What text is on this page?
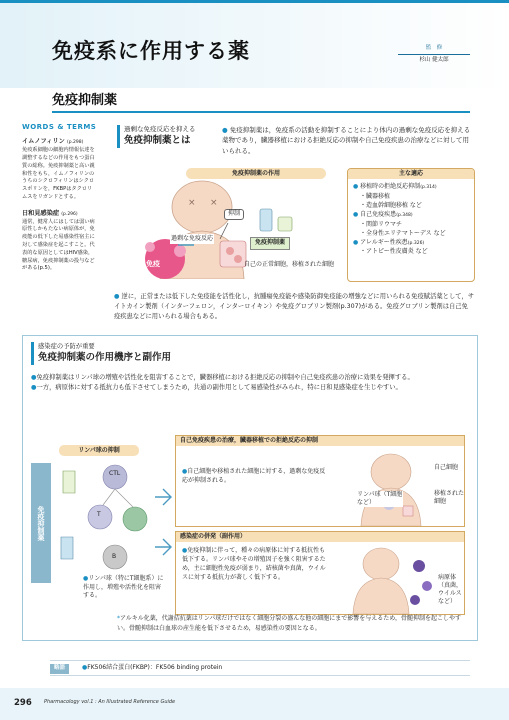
免疫系に作用する薬	監　修
杉山 健太郎
免疫抑制薬
WORDS & TERMS
イムノフィリン (p.298)
免疫系細胞の細胞内情報伝達を調整するなどの作用をもつ蛋白質の総称。免疫抑制薬と高い親和性をもち，イムノフィリンのうちのシクロフィリンはシクロスポリンを，FKBPはタクロリムスをリガンドとする。
日和見感染症 (p.296)
通常，健常人にはしては弱い病原性しかもたない病原体が，免疫能の低下した易感染性宿主に対して感染症を起こすこと。代表的な原因としてはHIV感染，糖尿病，免疫抑制薬の投与などがある(p.5)。
過剰な免疫反応を抑える
免疫抑制薬とは
● 免疫抑制薬は，免疫系の活動を抑制することにより体内の過剰な免疫反応を抑える薬物であり，臓器移植における拒絶反応の抑制や自己免疫疾患の治療などに対して用いられる。
免疫抑制薬の作用
× ×
抑制
免疫抑制薬
過剰な免疫反応
免疫	自己の正常細胞，移植された細胞
主な適応
● 移植時の拒絶反応抑制(p.314)
・臓器移植
・造血幹細胞移植 など
● 自己免疫疾患(p.348)
・関節リウマチ
・全身性エリテマトーデス など
● アレルギー性疾患(p.326)
・アトピー性皮膚炎 など
● 逆に，正常または低下した免疫能を活性化し，抗腫瘍免疫能や感染防御免疫能の増強などに用いられる免疫賦活薬として，サイトカイン製剤（インターフェロン，インターロイキン）や免疫グロブリン製剤(p.307)がある。免疫グロブリン製剤は自己免疫疾患などに用いられる場合もある。
感染症の予防が重要
免疫抑制薬の作用機序と副作用
●免疫抑制薬はリンパ球の増殖や活性化を阻害することで，臓器移植における拒絶反応の抑制や自己免疫疾患の治療に効果を発揮する。
●一方，病原体に対する抵抗力も低下させてしまうため，共通の副作用として易感染性がみられ，特に日和見感染症を生じやすい。
免疫抑制薬
リンパ球の抑制
CTL
T
B
●リンパ球（特にT細胞系）に作用し，増殖や活性化を阻害する。
自己免疫疾患の治療，臓器移植での拒絶反応の抑制
●自己細胞や移植された細胞に対する，過剰な免疫反応が抑制される。
自己細胞
リンパ球（T細胞など）
移植された細胞
感染症の併発（副作用）
●免疫抑制に伴って，種々の病原体に対する抵抗性も低下する。リンパ球やその増殖因子を強く阻害するため，主に細胞性免疫が弱まり，結核菌や真菌，ウイルスに対する抵抗力が著しく低下する。	病原体（真菌，ウイルスなど）
*アルキル化薬，代謝拮抗薬はリンパ球だけではなく細胞分裂の盛んな他の細胞にまで影響を与えるため，骨髄抑制を起こしやすい。骨髄抑制は白血球の産生能を低下させるため，易感染性の要因となる。
略語	●FK506結合蛋白(FKBP)：FK506 binding protein
296 Pharmacology vol.1 : An Illustrated Reference Guide
